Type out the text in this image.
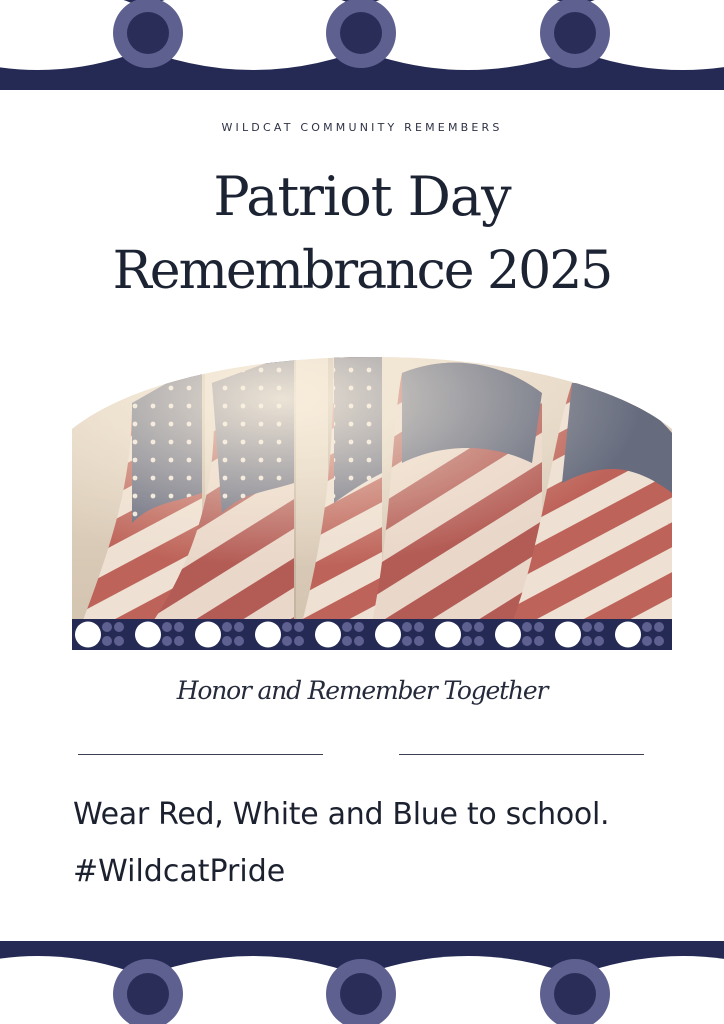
WILDCAT COMMUNITY REMEMBERS
Patriot Day
Remembrance 2025
Honor and Remember Together
Wear Red, White and Blue to school.
#WildcatPride
